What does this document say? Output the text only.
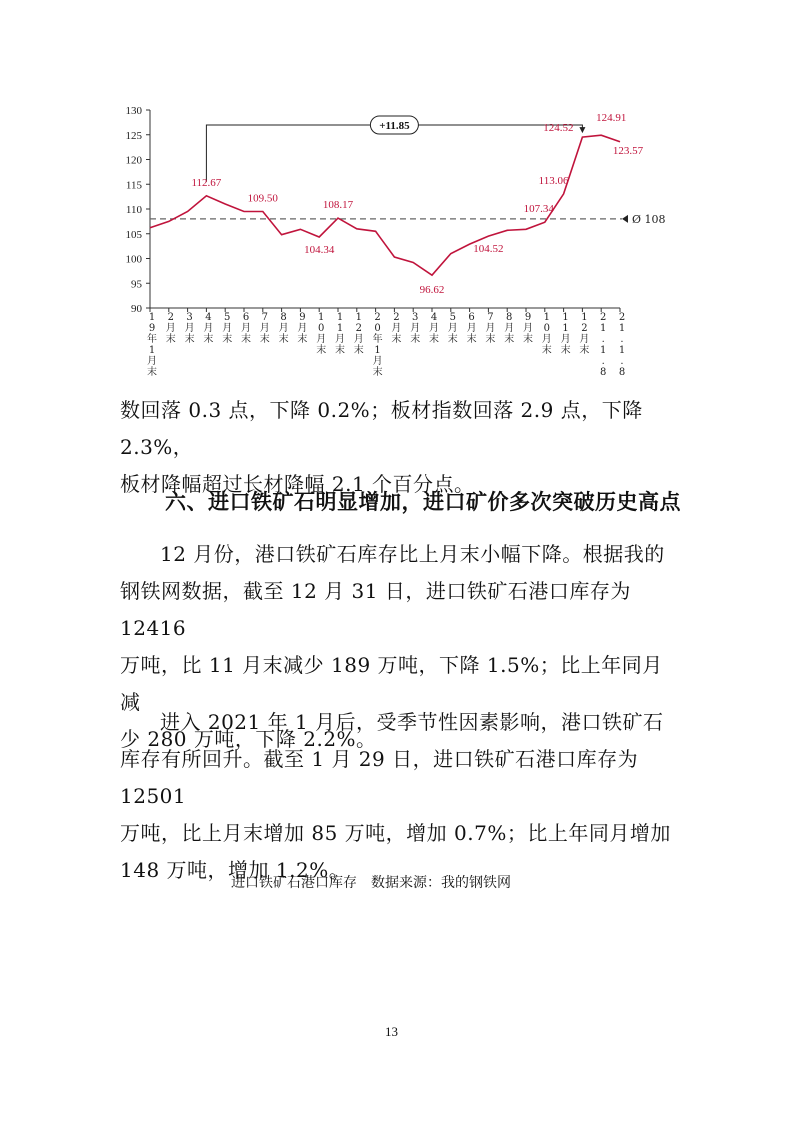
90
95
100
105
110
115
120
125
130
1 9 年 1 月末
2 月末
3 月末
4 月末
5 月末
6 月末
7 月末
8 月末
9 月末
1 0 月末
1 1 月末
1 2 月末
2 0 年 1 月末
2 月末
3 月末
4 月末
5 月末
6 月末
7 月末
8 月末
9 月末
1 0 月末
1 1 月末
1 2 月末
2 1 . 1 . 8
2 1 . 1 . 8
Ø 108
+11.85
112.67
109.50
104.34
108.17
96.62
104.52
107.34
113.06
124.52
124.91
123.57

数回落 0.3 点，下降 0.2%；板材指数回落 2.9 点，下降 2.3%，

板材降幅超过长材降幅 2.1 个百分点。

六、进口铁矿石明显增加，进口矿价多次突破历史高点

12 月份，港口铁矿石库存比上月末小幅下降。根据我的

钢铁网数据，截至 12 月 31 日，进口铁矿石港口库存为 12416

万吨，比 11 月末减少 189 万吨，下降 1.5%；比上年同月减

少 280 万吨，下降 2.2%。

进入 2021 年 1 月后，受季节性因素影响，港口铁矿石

库存有所回升。截至 1 月 29 日，进口铁矿石港口库存为 12501

万吨，比上月末增加 85 万吨，增加 0.7%；比上年同月增加

148 万吨，增加 1.2%。

进口铁矿石港口库存　数据来源：我的钢铁网
13
